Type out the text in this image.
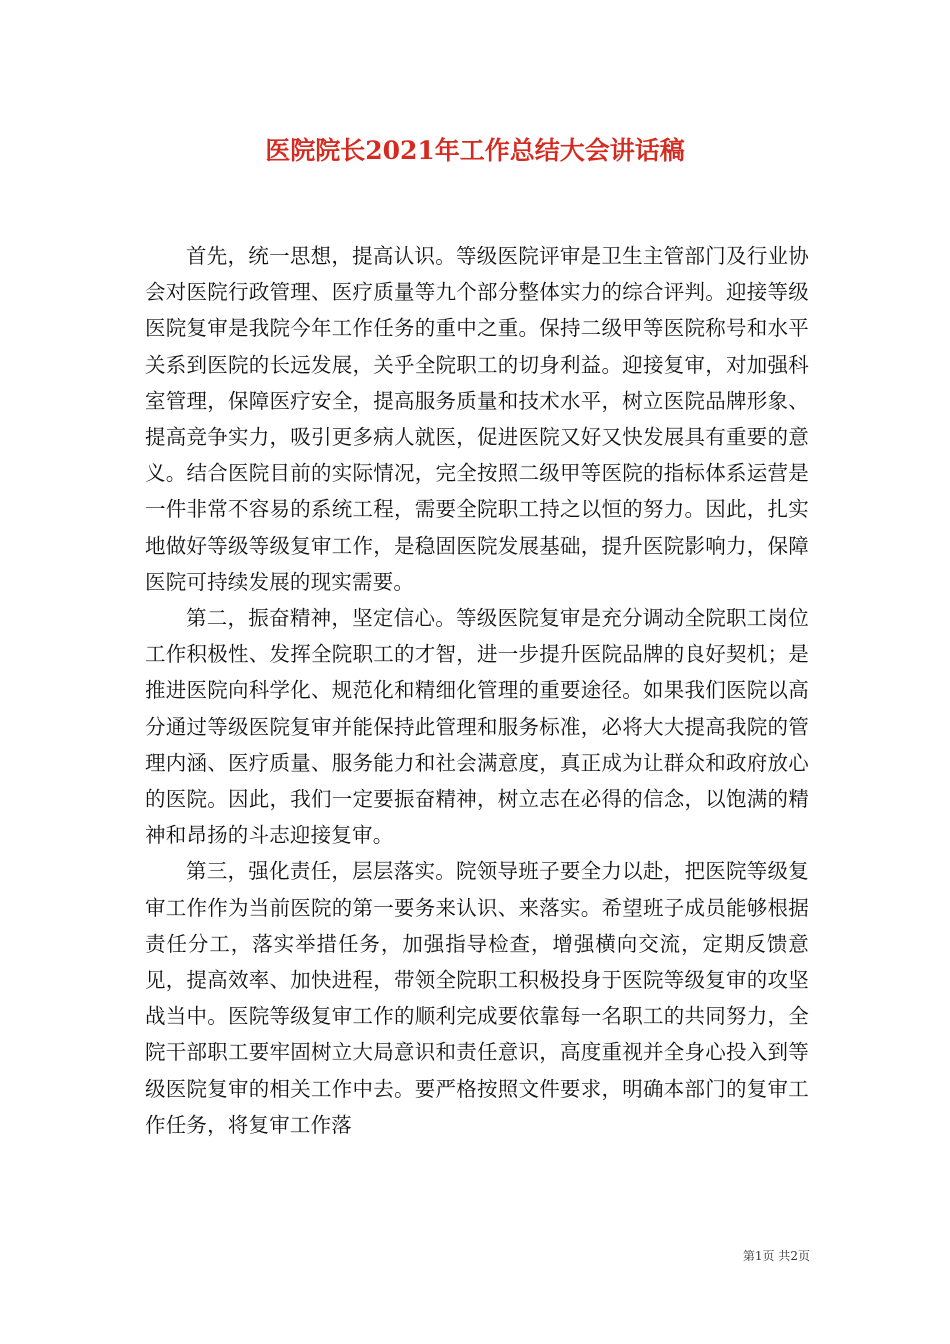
医院院长2021年工作总结大会讲话稿

首先，统一思想，提高认识。等级医院评审是卫生主管部门及行业协会对医院行政管理、医疗质量等九个部分整体实力的综合评判。迎接等级医院复审是我院今年工作任务的重中之重。保持二级甲等医院称号和水平关系到医院的长远发展，关乎全院职工的切身利益。迎接复审，对加强科室管理，保障医疗安全，提高服务质量和技术水平，树立医院品牌形象、提高竞争实力，吸引更多病人就医，促进医院又好又快发展具有重要的意义。结合医院目前的实际情况，完全按照二级甲等医院的指标体系运营是一件非常不容易的系统工程，需要全院职工持之以恒的努力。因此，扎实地做好等级等级复审工作，是稳固医院发展基础，提升医院影响力，保障医院可持续发展的现实需要。

第二，振奋精神，坚定信心。等级医院复审是充分调动全院职工岗位工作积极性、发挥全院职工的才智，进一步提升医院品牌的良好契机；是推进医院向科学化、规范化和精细化管理的重要途径。如果我们医院以高分通过等级医院复审并能保持此管理和服务标准，必将大大提高我院的管理内涵、医疗质量、服务能力和社会满意度，真正成为让群众和政府放心的医院。因此，我们一定要振奋精神，树立志在必得的信念，以饱满的精神和昂扬的斗志迎接复审。

第三，强化责任，层层落实。院领导班子要全力以赴，把医院等级复审工作作为当前医院的第一要务来认识、来落实。希望班子成员能够根据责任分工，落实举措任务，加强指导检查，增强横向交流，定期反馈意见，提高效率、加快进程，带领全院职工积极投身于医院等级复审的攻坚战当中。医院等级复审工作的顺利完成要依靠每一名职工的共同努力，全院干部职工要牢固树立大局意识和责任意识，高度重视并全身心投入到等级医院复审的相关工作中去。要严格按照文件要求，明确本部门的复审工作任务，将复审工作落

第1页 共2页
